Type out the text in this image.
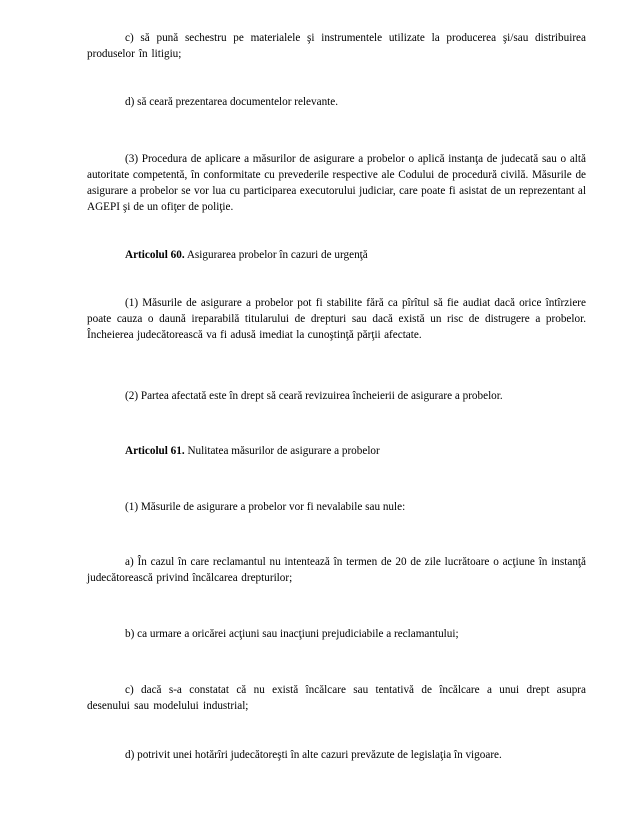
c) să pună sechestru pe materialele şi instrumentele utilizate la producerea şi/sau distribuirea produselor în litigiu;

d) să ceară prezentarea documentelor relevante.

(3) Procedura de aplicare a măsurilor de asigurare a probelor o aplică instanţa de judecată sau o altă autoritate competentă, în conformitate cu prevederile respective ale Codului de procedură civilă. Măsurile de asigurare a probelor se vor lua cu participarea executorului judiciar, care poate fi asistat de un reprezentant al AGEPI şi de un ofiţer de poliţie.

Articolul 60. Asigurarea probelor în cazuri de urgenţă

(1) Măsurile de asigurare a probelor pot fi stabilite fără ca pîrîtul să fie audiat dacă orice întîrziere poate cauza o daună ireparabilă titularului de drepturi sau dacă există un risc de distrugere a probelor. Încheierea judecătorească va fi adusă imediat la cunoştinţă părţii afectate.

(2) Partea afectată este în drept să ceară revizuirea încheierii de asigurare a probelor.

Articolul 61. Nulitatea măsurilor de asigurare a probelor

(1) Măsurile de asigurare a probelor vor fi nevalabile sau nule:

a) În cazul în care reclamantul nu intentează în termen de 20 de zile lucrătoare o acţiune în instanţă judecătorească privind încălcarea drepturilor;

b) ca urmare a oricărei acţiuni sau inacţiuni prejudiciabile a reclamantului;

c) dacă s-a constatat că nu există încălcare sau tentativă de încălcare a unui drept asupra desenului sau modelului industrial;

d) potrivit unei hotărîri judecătoreşti în alte cazuri prevăzute de legislaţia în vigoare.
